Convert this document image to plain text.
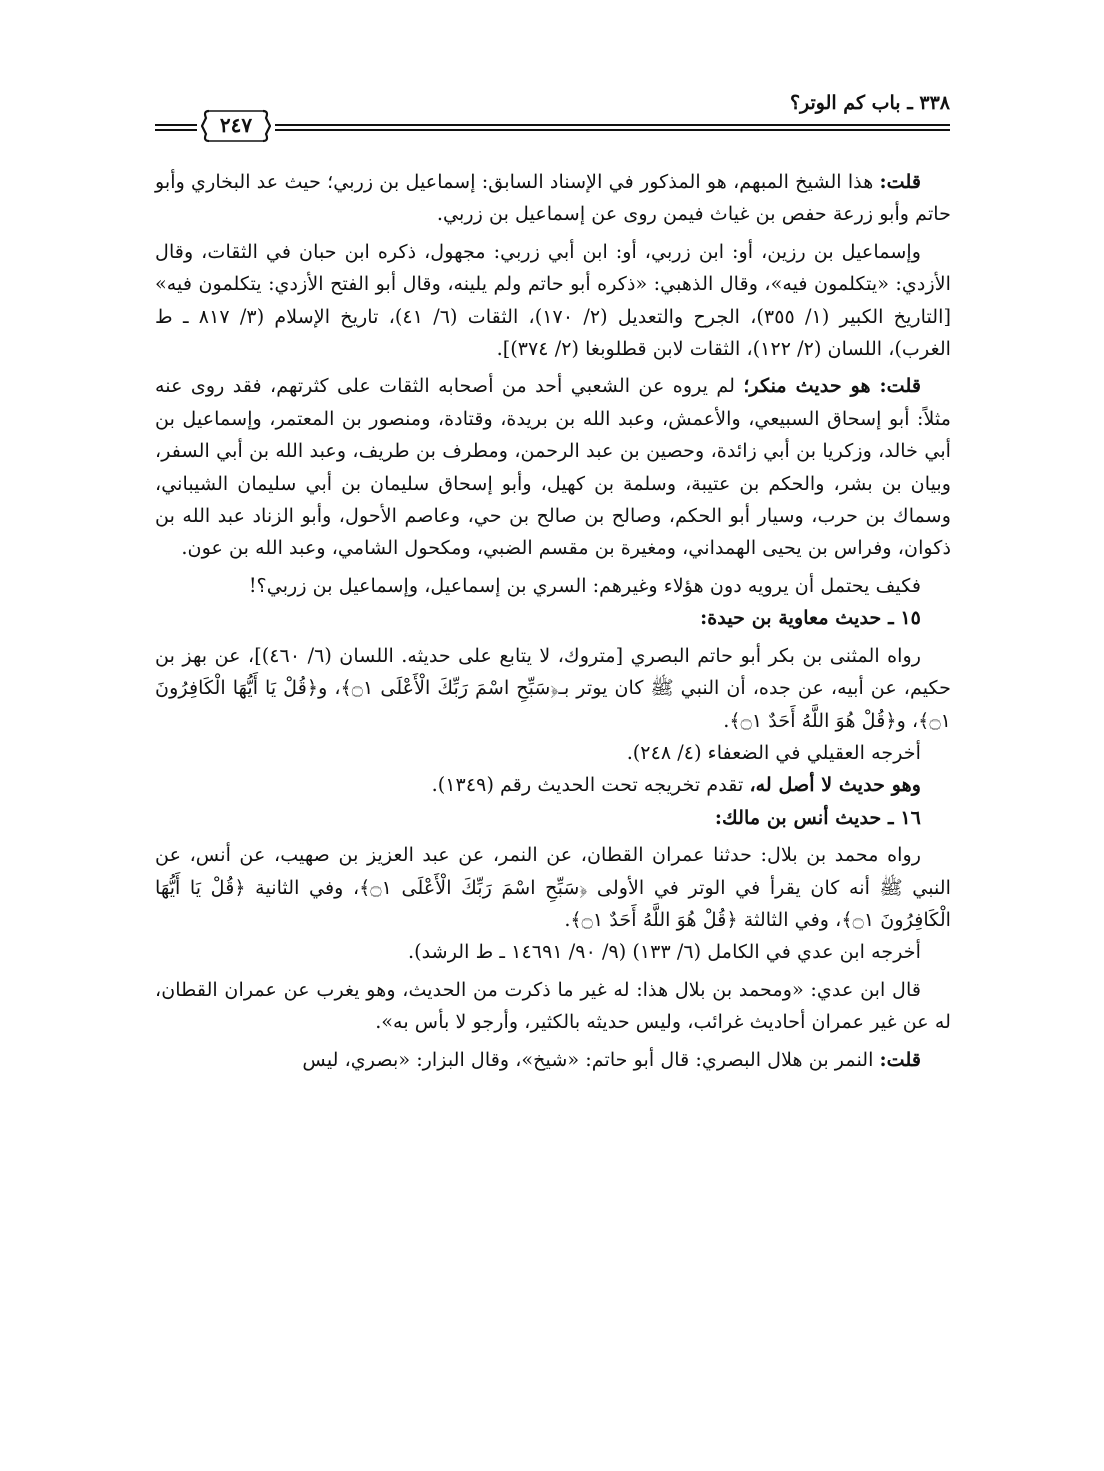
٣٣٨ ـ باب كم الوتر؟
٢٤٧

قلت: هذا الشيخ المبهم، هو المذكور في الإسناد السابق: إسماعيل بن زربي؛ حيث عد البخاري وأبو حاتم وأبو زرعة حفص بن غياث فيمن روى عن إسماعيل بن زربي.

وإسماعيل بن رزين، أو: ابن زربي، أو: ابن أبي زربي: مجهول، ذكره ابن حبان في الثقات، وقال الأزدي: «يتكلمون فيه»، وقال الذهبي: «ذكره أبو حاتم ولم يلينه، وقال أبو الفتح الأزدي: يتكلمون فيه» [التاريخ الكبير (١/ ٣٥٥)، الجرح والتعديل (٢/ ١٧٠)، الثقات (٦/ ٤١)، تاريخ الإسلام (٣/ ٨١٧ ـ ط الغرب)، اللسان (٢/ ١٢٢)، الثقات لابن قطلوبغا (٢/ ٣٧٤)].

قلت: هو حديث منكر؛ لم يروه عن الشعبي أحد من أصحابه الثقات على كثرتهم، فقد روى عنه مثلاً: أبو إسحاق السبيعي، والأعمش، وعبد الله بن بريدة، وقتادة، ومنصور بن المعتمر، وإسماعيل بن أبي خالد، وزكريا بن أبي زائدة، وحصين بن عبد الرحمن، ومطرف بن طريف، وعبد الله بن أبي السفر، وبيان بن بشر، والحكم بن عتيبة، وسلمة بن كهيل، وأبو إسحاق سليمان بن أبي سليمان الشيباني، وسماك بن حرب، وسيار أبو الحكم، وصالح بن صالح بن حي، وعاصم الأحول، وأبو الزناد عبد الله بن ذكوان، وفراس بن يحيى الهمداني، ومغيرة بن مقسم الضبي، ومكحول الشامي، وعبد الله بن عون.

فكيف يحتمل أن يرويه دون هؤلاء وغيرهم: السري بن إسماعيل، وإسماعيل بن زربي؟!

١٥ ـ حديث معاوية بن حيدة:

رواه المثنى بن بكر أبو حاتم البصري [متروك، لا يتابع على حديثه. اللسان (٦/ ٤٦٠)]، عن بهز بن حكيم، عن أبيه، عن جده، أن النبي ﷺ كان يوتر بـ﴿سَبِّحِ اسْمَ رَبِّكَ الْأَعْلَى ۝١﴾، و﴿قُلْ يَا أَيُّهَا الْكَافِرُونَ ۝١﴾، و﴿قُلْ هُوَ اللَّهُ أَحَدٌ ۝١﴾.

أخرجه العقيلي في الضعفاء (٤/ ٢٤٨).

وهو حديث لا أصل له، تقدم تخريجه تحت الحديث رقم (١٣٤٩).

١٦ ـ حديث أنس بن مالك:

رواه محمد بن بلال: حدثنا عمران القطان، عن النمر، عن عبد العزيز بن صهيب، عن أنس، عن النبي ﷺ أنه كان يقرأ في الوتر في الأولى ﴿سَبِّحِ اسْمَ رَبِّكَ الْأَعْلَى ۝١﴾، وفي الثانية ﴿قُلْ يَا أَيُّهَا الْكَافِرُونَ ۝١﴾، وفي الثالثة ﴿قُلْ هُوَ اللَّهُ أَحَدٌ ۝١﴾.

أخرجه ابن عدي في الكامل (٦/ ١٣٣) (٩/ ٩٠/ ١٤٦٩١ ـ ط الرشد).

قال ابن عدي: «ومحمد بن بلال هذا: له غير ما ذكرت من الحديث، وهو يغرب عن عمران القطان، له عن غير عمران أحاديث غرائب، وليس حديثه بالكثير، وأرجو لا بأس به».

قلت: النمر بن هلال البصري: قال أبو حاتم: «شيخ»، وقال البزار: «بصري، ليس
